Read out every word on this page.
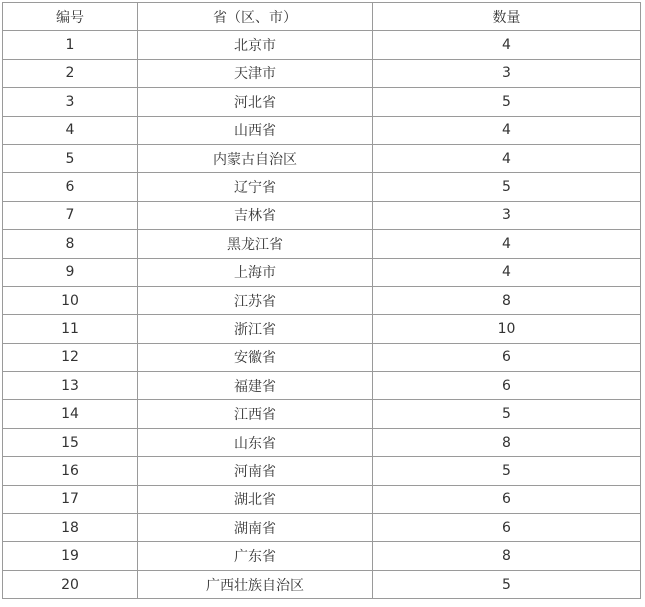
编号	省（区、市）	数量
1	北京市	4
2	天津市	3
3	河北省	5
4	山西省	4
5	内蒙古自治区	4
6	辽宁省	5
7	吉林省	3
8	黑龙江省	4
9	上海市	4
10	江苏省	8
11	浙江省	10
12	安徽省	6
13	福建省	6
14	江西省	5
15	山东省	8
16	河南省	5
17	湖北省	6
18	湖南省	6
19	广东省	8
20	广西壮族自治区	5
